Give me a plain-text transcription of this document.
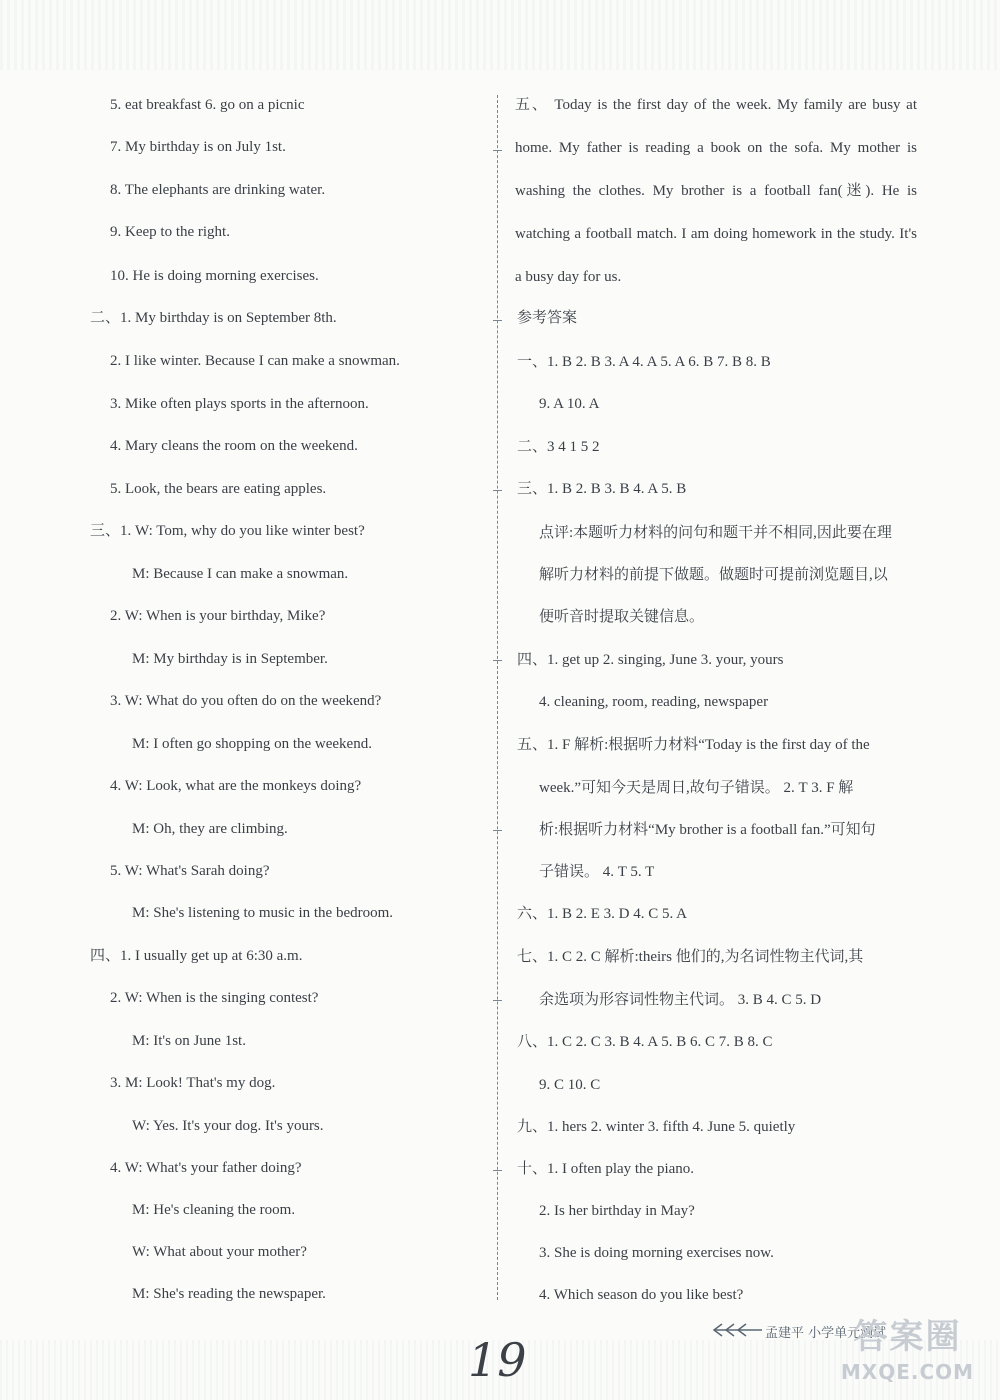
5. eat breakfast 6. go on a picnic
7. My birthday is on July 1st.
8. The elephants are drinking water.
9. Keep to the right.
10. He is doing morning exercises.
二、1. My birthday is on September 8th.
2. I like winter. Because I can make a snowman.
3. Mike often plays sports in the afternoon.
4. Mary cleans the room on the weekend.
5. Look, the bears are eating apples.
三、1. W: Tom, why do you like winter best?
M: Because I can make a snowman.
2. W: When is your birthday, Mike?
M: My birthday is in September.
3. W: What do you often do on the weekend?
M: I often go shopping on the weekend.
4. W: Look, what are the monkeys doing?
M: Oh, they are climbing.
5. W: What's Sarah doing?
M: She's listening to music in the bedroom.
四、1. I usually get up at 6:30 a.m.
2. W: When is the singing contest?
M: It's on June 1st.
3. M: Look! That's my dog.
W: Yes. It's your dog. It's yours.
4. W: What's your father doing?
M: He's cleaning the room.
W: What about your mother?
M: She's reading the newspaper.
五、 Today is the first day of the week. My family are busy at home. My father is reading a book on the sofa. My mother is washing the clothes. My brother is a football fan(迷). He is watching a football match. I am doing homework in the study. It's a busy day for us.
参考答案
一、1. B 2. B 3. A 4. A 5. A 6. B 7. B 8. B
9. A 10. A
二、3 4 1 5 2
三、1. B 2. B 3. B 4. A 5. B
点评:本题听力材料的问句和题干并不相同,因此要在理
解听力材料的前提下做题。做题时可提前浏览题目,以
便听音时提取关键信息。
四、1. get up 2. singing, June 3. your, yours
4. cleaning, room, reading, newspaper
五、1. F 解析:根据听力材料“Today is the first day of the
week.”可知今天是周日,故句子错误。 2. T 3. F 解
析:根据听力材料“My brother is a football fan.”可知句
子错误。 4. T 5. T
六、1. B 2. E 3. D 4. C 5. A
七、1. C 2. C 解析:theirs 他们的,为名词性物主代词,其
余选项为形容词性物主代词。 3. B 4. C 5. D
八、1. C 2. C 3. B 4. A 5. B 6. C 7. B 8. C
9. C 10. C
九、1. hers 2. winter 3. fifth 4. June 5. quietly
十、1. I often play the piano.
2. Is her birthday in May?
3. She is doing morning exercises now.
4. Which season do you like best?
19	孟建平 小学单元测试
答案圈
MXQE.COM
